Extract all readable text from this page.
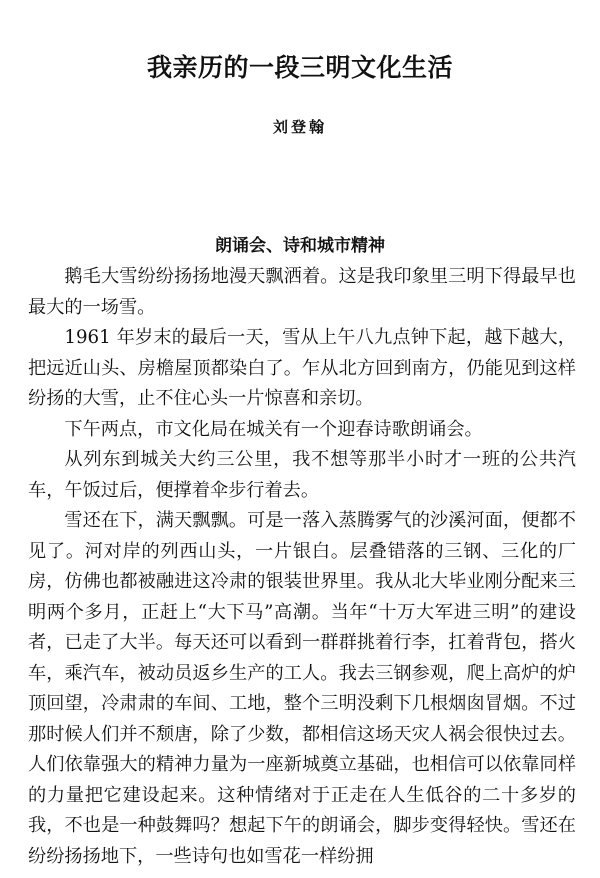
我亲历的一段三明文化生活
刘登翰
朗诵会、诗和城市精神

鹅毛大雪纷纷扬扬地漫天飘洒着。这是我印象里三明下得最早也最大的一场雪。

1961 年岁末的最后一天，雪从上午八九点钟下起，越下越大，把远近山头、房檐屋顶都染白了。乍从北方回到南方，仍能见到这样纷扬的大雪，止不住心头一片惊喜和亲切。

下午两点，市文化局在城关有一个迎春诗歌朗诵会。

从列东到城关大约三公里，我不想等那半小时才一班的公共汽车，午饭过后，便撑着伞步行着去。

雪还在下，满天飘飘。可是一落入蒸腾雾气的沙溪河面，便都不见了。河对岸的列西山头，一片银白。层叠错落的三钢、三化的厂房，仿佛也都被融进这冷肃的银装世界里。我从北大毕业刚分配来三明两个多月，正赶上“大下马”高潮。当年“十万大军进三明”的建设者，已走了大半。每天还可以看到一群群挑着行李，扛着背包，搭火车，乘汽车，被动员返乡生产的工人。我去三钢参观，爬上高炉的炉顶回望，冷肃肃的车间、工地，整个三明没剩下几根烟囱冒烟。不过那时候人们并不颓唐，除了少数，都相信这场天灾人祸会很快过去。人们依靠强大的精神力量为一座新城奠立基础，也相信可以依靠同样的力量把它建设起来。这种情绪对于正走在人生低谷的二十多岁的我，不也是一种鼓舞吗？想起下午的朗诵会，脚步变得轻快。雪还在纷纷扬扬地下，一些诗句也如雪花一样纷拥
